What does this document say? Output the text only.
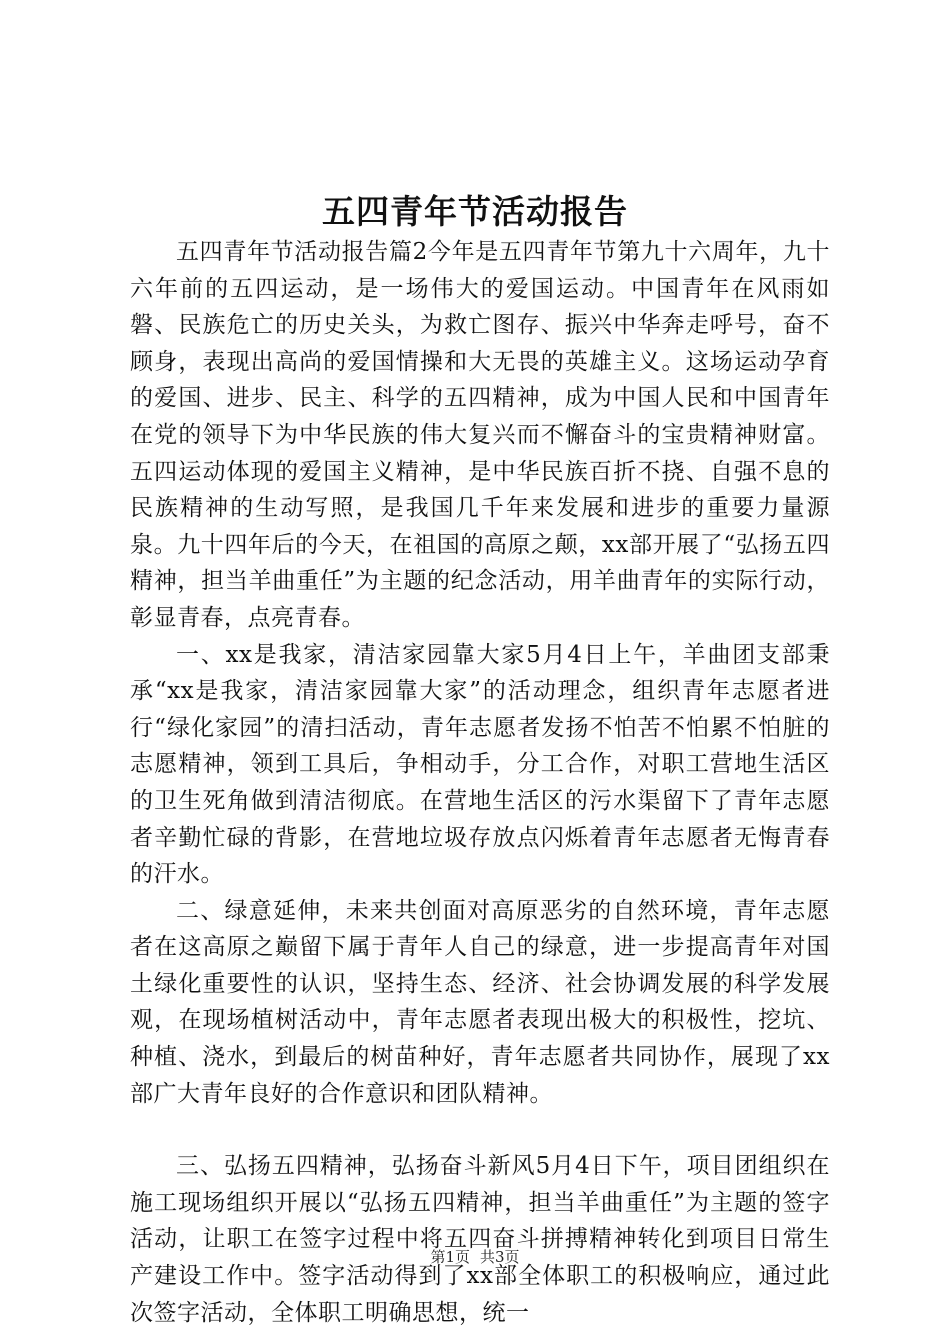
五四青年节活动报告

五四青年节活动报告篇2今年是五四青年节第九十六周年，九十六年前的五四运动，是一场伟大的爱国运动。中国青年在风雨如磐、民族危亡的历史关头，为救亡图存、振兴中华奔走呼号，奋不顾身，表现出高尚的爱国情操和大无畏的英雄主义。这场运动孕育的爱国、进步、民主、科学的五四精神，成为中国人民和中国青年在党的领导下为中华民族的伟大复兴而不懈奋斗的宝贵精神财富。五四运动体现的爱国主义精神，是中华民族百折不挠、自强不息的民族精神的生动写照，是我国几千年来发展和进步的重要力量源泉。九十四年后的今天，在祖国的高原之颠，xx部开展了“弘扬五四精神，担当羊曲重任”为主题的纪念活动，用羊曲青年的实际行动，彰显青春，点亮青春。

一、xx是我家，清洁家园靠大家5月4日上午，羊曲团支部秉承“xx是我家，清洁家园靠大家”的活动理念，组织青年志愿者进行“绿化家园”的清扫活动，青年志愿者发扬不怕苦不怕累不怕脏的志愿精神，领到工具后，争相动手，分工合作，对职工营地生活区的卫生死角做到清洁彻底。在营地生活区的污水渠留下了青年志愿者辛勤忙碌的背影，在营地垃圾存放点闪烁着青年志愿者无悔青春的汗水。

二、绿意延伸，未来共创面对高原恶劣的自然环境，青年志愿者在这高原之巅留下属于青年人自己的绿意，进一步提高青年对国土绿化重要性的认识，坚持生态、经济、社会协调发展的科学发展观，在现场植树活动中，青年志愿者表现出极大的积极性，挖坑、种植、浇水，到最后的树苗种好，青年志愿者共同协作，展现了xx部广大青年良好的合作意识和团队精神。

三、弘扬五四精神，弘扬奋斗新风5月4日下午，项目团组织在施工现场组织开展以“弘扬五四精神，担当羊曲重任”为主题的签字活动，让职工在签字过程中将五四奋斗拼搏精神转化到项目日常生产建设工作中。签字活动得到了xx部全体职工的积极响应，通过此次签字活动，全体职工明确思想，统一

第1页 共3页
